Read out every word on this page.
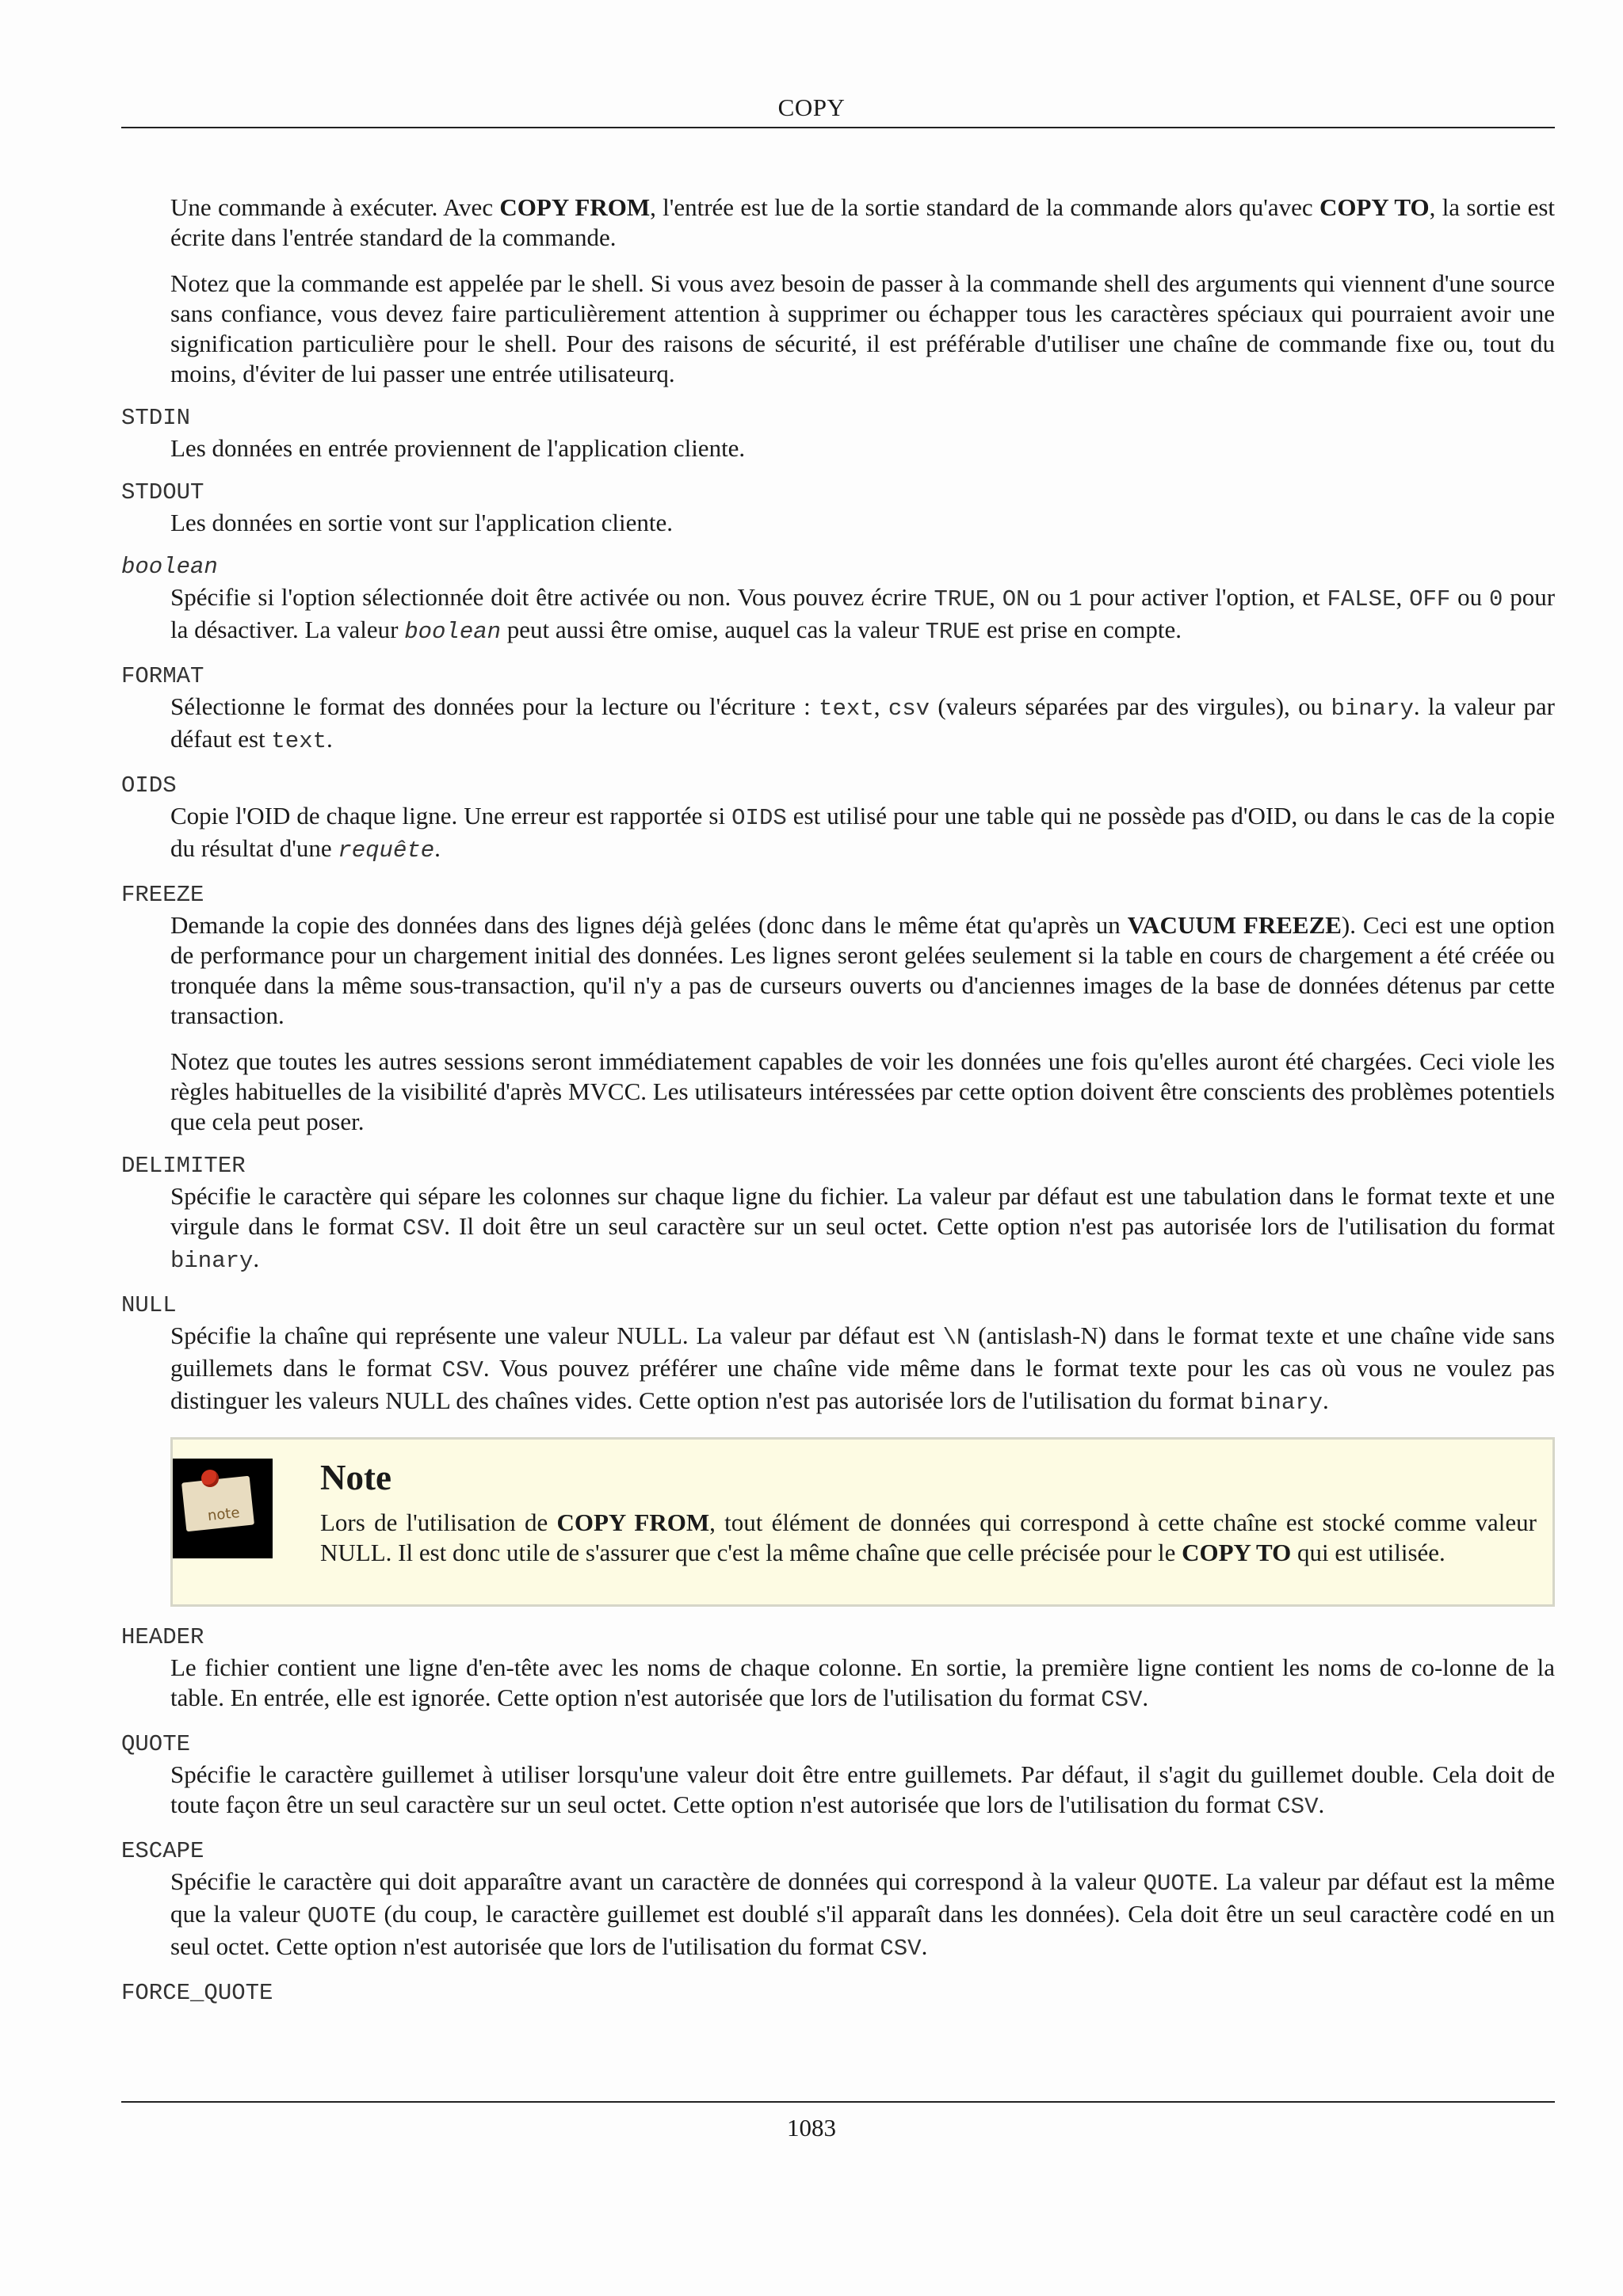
COPY

Une commande à exécuter. Avec COPY FROM, l'entrée est lue de la sortie standard de la commande alors qu'avec COPY TO, la sortie est écrite dans l'entrée standard de la commande.

Notez que la commande est appelée par le shell. Si vous avez besoin de passer à la commande shell des arguments qui viennent d'une source sans confiance, vous devez faire particulièrement attention à supprimer ou échapper tous les caractères spéciaux qui pourraient avoir une signification particulière pour le shell. Pour des raisons de sécurité, il est préférable d'utiliser une chaîne de commande fixe ou, tout du moins, d'éviter de lui passer une entrée utilisateurq.

STDIN

Les données en entrée proviennent de l'application cliente.

STDOUT

Les données en sortie vont sur l'application cliente.

boolean

Spécifie si l'option sélectionnée doit être activée ou non. Vous pouvez écrire TRUE, ON ou 1 pour activer l'option, et FALSE, OFF ou 0 pour la désactiver. La valeur boolean peut aussi être omise, auquel cas la valeur TRUE est prise en compte.

FORMAT

Sélectionne le format des données pour la lecture ou l'écriture : text, csv (valeurs séparées par des virgules), ou binary. la valeur par défaut est text.

OIDS

Copie l'OID de chaque ligne. Une erreur est rapportée si OIDS est utilisé pour une table qui ne possède pas d'OID, ou dans le cas de la copie du résultat d'une requête.

FREEZE

Demande la copie des données dans des lignes déjà gelées (donc dans le même état qu'après un VACUUM FREEZE). Ceci est une option de performance pour un chargement initial des données. Les lignes seront gelées seulement si la table en cours de chargement a été créée ou tronquée dans la même sous-transaction, qu'il n'y a pas de curseurs ouverts ou d'anciennes images de la base de données détenus par cette transaction.

Notez que toutes les autres sessions seront immédiatement capables de voir les données une fois qu'elles auront été chargées. Ceci viole les règles habituelles de la visibilité d'après MVCC. Les utilisateurs intéressées par cette option doivent être conscients des problèmes potentiels que cela peut poser.

DELIMITER

Spécifie le caractère qui sépare les colonnes sur chaque ligne du fichier. La valeur par défaut est une tabulation dans le format texte et une virgule dans le format CSV. Il doit être un seul caractère sur un seul octet. Cette option n'est pas autorisée lors de l'utilisation du format binary.

NULL

Spécifie la chaîne qui représente une valeur NULL. La valeur par défaut est \N (antislash-N) dans le format texte et une chaîne vide sans guillemets dans le format CSV. Vous pouvez préférer une chaîne vide même dans le format texte pour les cas où vous ne voulez pas distinguer les valeurs NULL des chaînes vides. Cette option n'est pas autorisée lors de l'utilisation du format binary.

note
Note

Lors de l'utilisation de COPY FROM, tout élément de données qui correspond à cette chaîne est stocké comme valeur NULL. Il est donc utile de s'assurer que c'est la même chaîne que celle précisée pour le COPY TO qui est utilisée.

HEADER

Le fichier contient une ligne d'en-tête avec les noms de chaque colonne. En sortie, la première ligne contient les noms de co-lonne de la table. En entrée, elle est ignorée. Cette option n'est autorisée que lors de l'utilisation du format CSV.

QUOTE

Spécifie le caractère guillemet à utiliser lorsqu'une valeur doit être entre guillemets. Par défaut, il s'agit du guillemet double. Cela doit de toute façon être un seul caractère sur un seul octet. Cette option n'est autorisée que lors de l'utilisation du format CSV.

ESCAPE

Spécifie le caractère qui doit apparaître avant un caractère de données qui correspond à la valeur QUOTE. La valeur par défaut est la même que la valeur QUOTE (du coup, le caractère guillemet est doublé s'il apparaît dans les données). Cela doit être un seul caractère codé en un seul octet. Cette option n'est autorisée que lors de l'utilisation du format CSV.

FORCE_QUOTE
1083
